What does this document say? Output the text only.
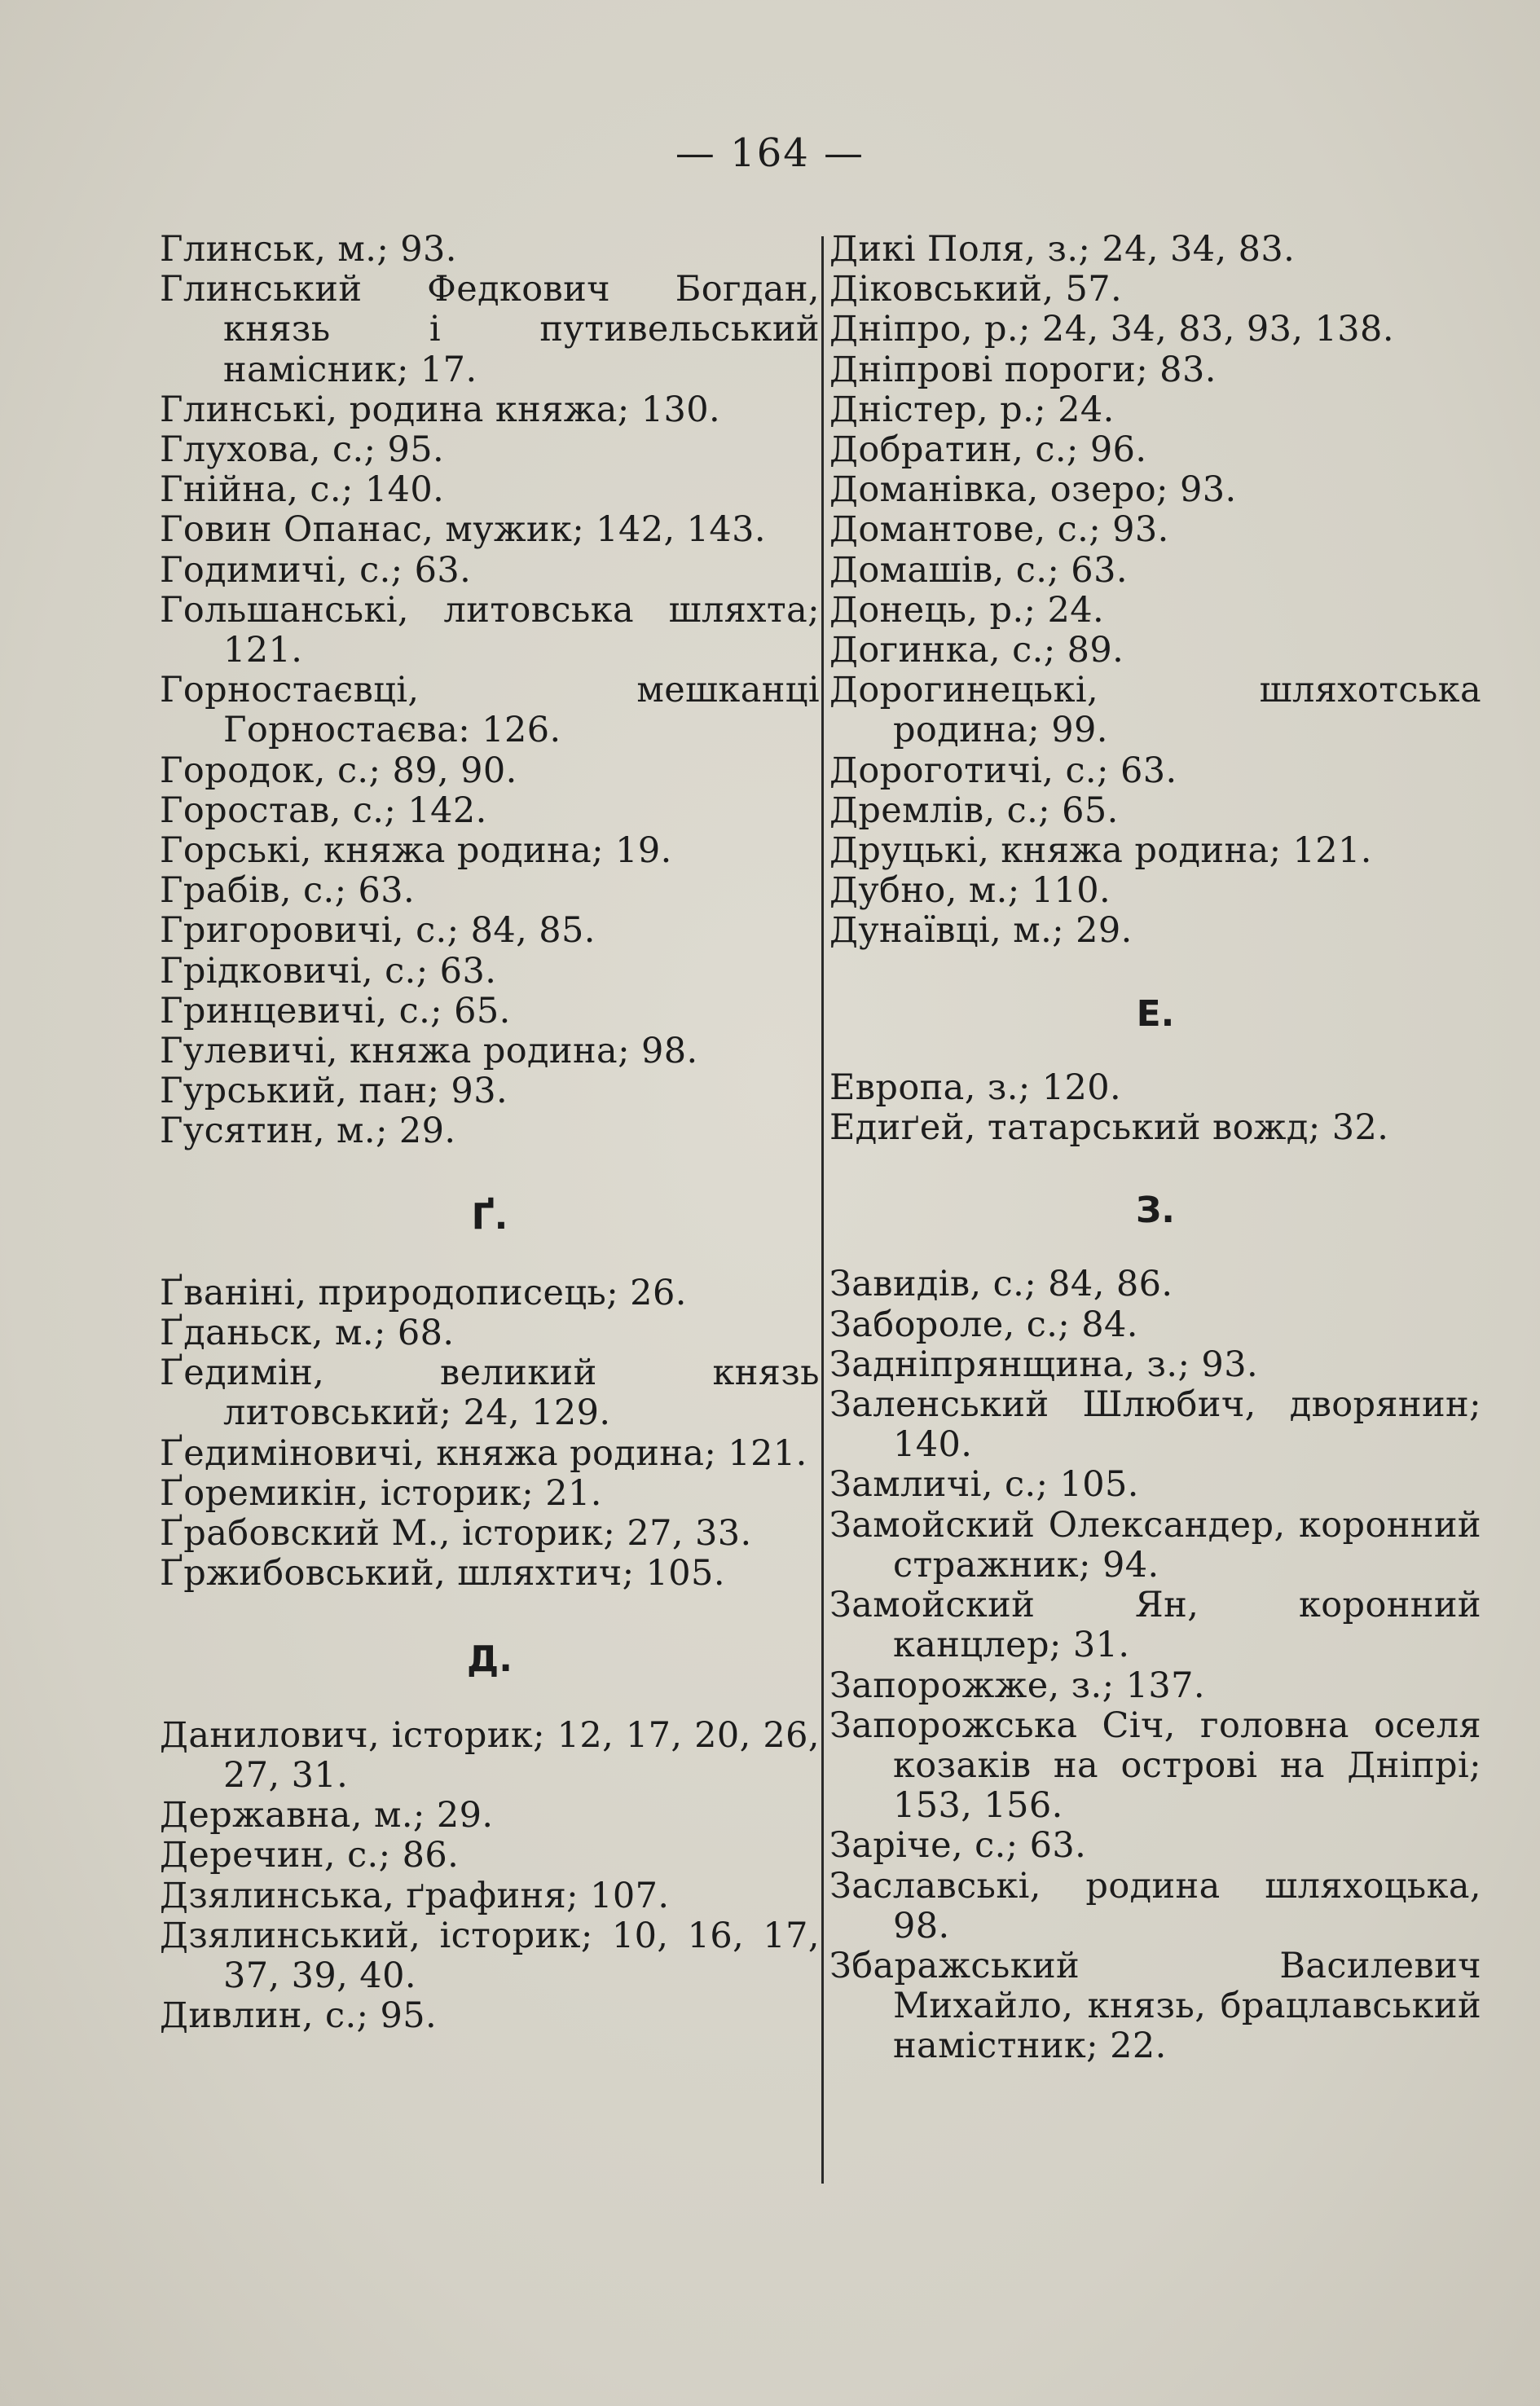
— 164 —
Глинськ, м.; 93.
Глинський Федкович Богдан, князь і путивельський намісник; 17.
Глинські, родина княжа; 130.
Глухова, с.; 95.
Гнійна, с.; 140.
Говин Опанас, мужик; 142, 143.
Годимичі, с.; 63.
Гольшанські, литовська шляхта; 121.
Горностаєвці, мешканці Горностаєва: 126.
Городок, с.; 89, 90.
Горостав, с.; 142.
Горські, княжа родина; 19.
Грабів, с.; 63.
Григоровичі, с.; 84, 85.
Грідковичі, с.; 63.
Гринцевичі, с.; 65.
Гулевичі, княжа родина; 98.
Гурський, пан; 93.
Гусятин, м.; 29.
Ґ.
Ґваніні, природописець; 26.
Ґданьск, м.; 68.
Ґедимін, великий князь литовський; 24, 129.
Ґедиміновичі, княжа родина; 121.
Ґоремикін, історик; 21.
Ґрабовский М., історик; 27, 33.
Ґржибовський, шляхтич; 105.
Д.
Данилович, історик; 12, 17, 20, 26, 27, 31.
Державна, м.; 29.
Деречин, с.; 86.
Дзялинська, ґрафиня; 107.
Дзялинський, історик; 10, 16, 17, 37, 39, 40.
Дивлин, с.; 95.
Дикі Поля, з.; 24, 34, 83.
Діковський, 57.
Дніпро, р.; 24, 34, 83, 93, 138.
Дніпрові пороги; 83.
Дністер, р.; 24.
Добратин, с.; 96.
Доманівка, озеро; 93.
Домантове, с.; 93.
Домашів, с.; 63.
Донець, р.; 24.
Догинка, с.; 89.
Дорогинецькі, шляхотська родина; 99.
Дороготичі, с.; 63.
Дремлів, с.; 65.
Друцькі, княжа родина; 121.
Дубно, м.; 110.
Дунаївці, м.; 29.
Е.
Европа, з.; 120.
Едиґей, татарський вожд; 32.
З.
Завидів, с.; 84, 86.
Забороле, с.; 84.
Задніпрянщина, з.; 93.
Заленський Шлюбич, дворянин; 140.
Замличі, с.; 105.
Замойский Олександер, коронний стражник; 94.
Замойский Ян, коронний канцлер; 31.
Запорожже, з.; 137.
Запорожська Січ, головна оселя козаків на острові на Дніпрі; 153, 156.
Заріче, с.; 63.
Заславські, родина шляхоцька, 98.
Збаражський Василевич Михайло, князь, брацлавський намістник; 22.
